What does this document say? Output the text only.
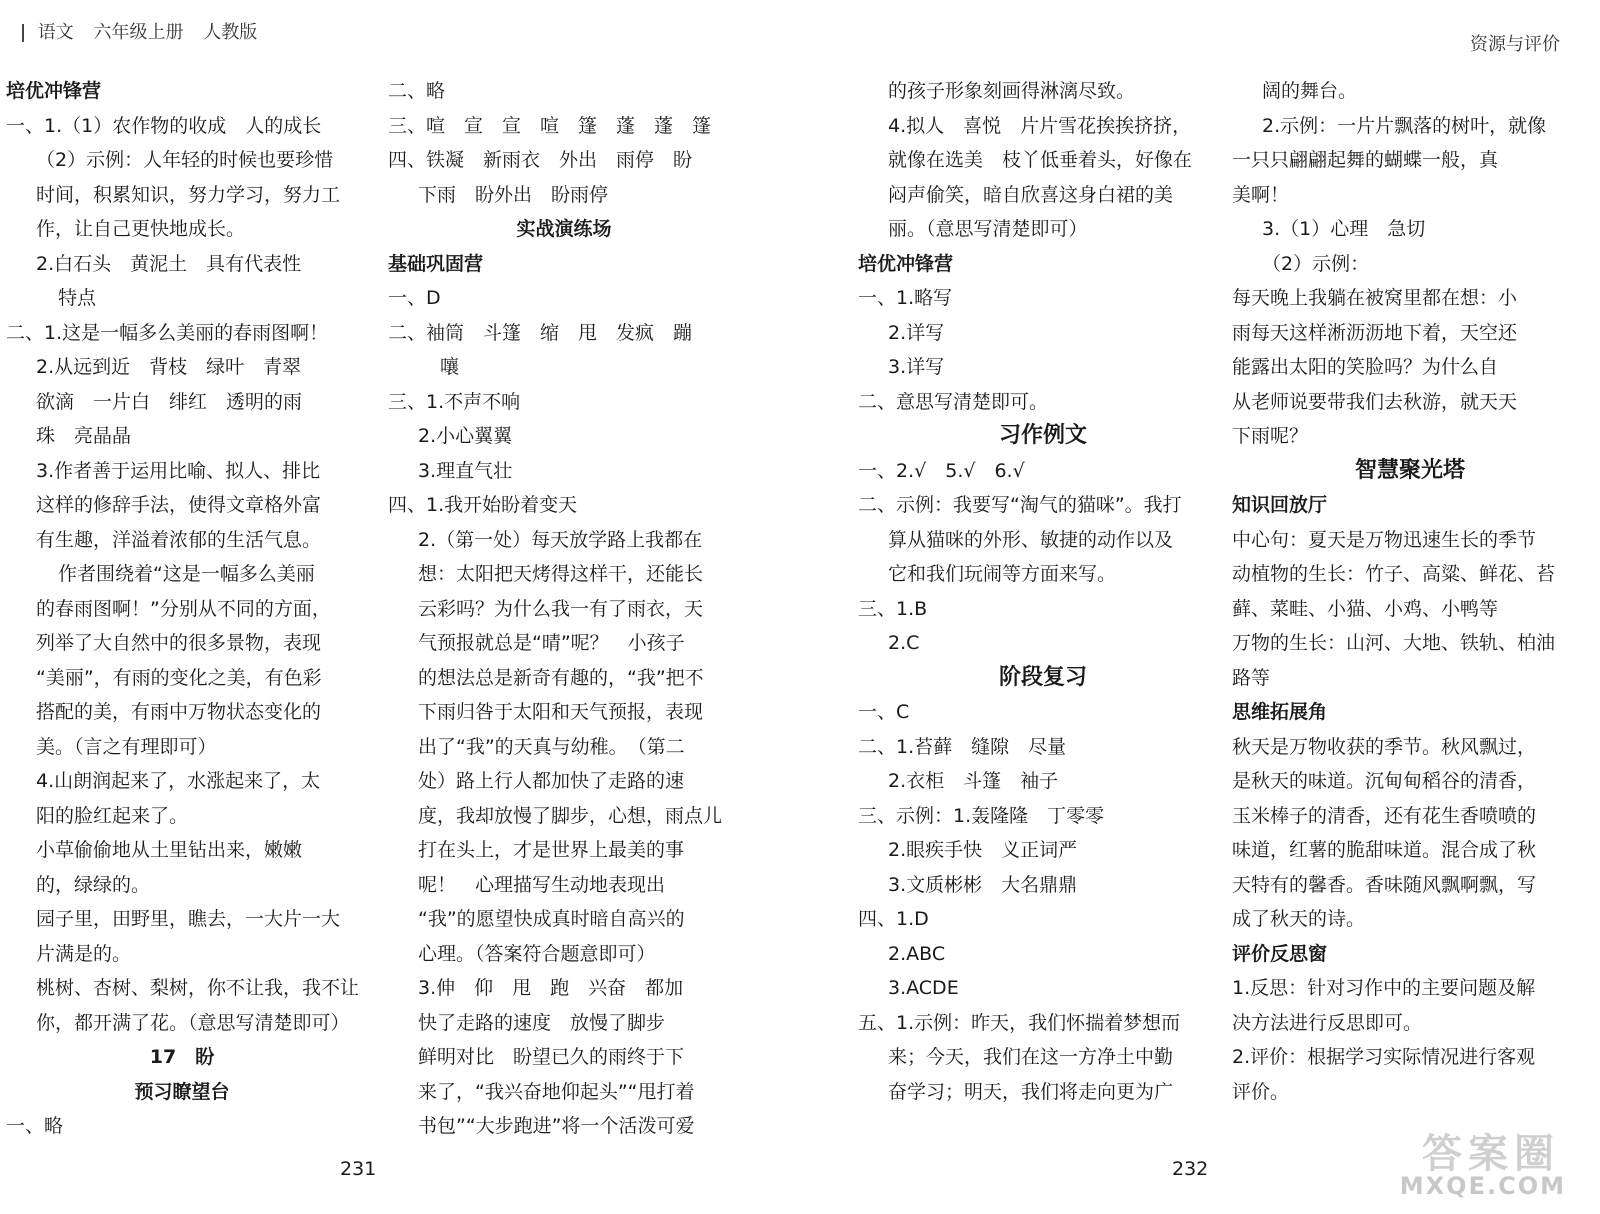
语文 六年级上册 人教版
资源与评价
培优冲锋营
一、1.（1）农作物的收成　人的成长
（2）示例：人年轻的时候也要珍惜
时间，积累知识，努力学习，努力工
作，让自己更快地成长。
2.白石头　黄泥土　具有代表性
特点
二、1.这是一幅多么美丽的春雨图啊！
2.从远到近　背枝　绿叶　青翠
欲滴　一片白　绯红　透明的雨
珠　亮晶晶
3.作者善于运用比喻、拟人、排比
这样的修辞手法，使得文章格外富
有生趣，洋溢着浓郁的生活气息。
作者围绕着“这是一幅多么美丽
的春雨图啊！”分别从不同的方面，
列举了大自然中的很多景物，表现
“美丽”，有雨的变化之美，有色彩
搭配的美，有雨中万物状态变化的
美。（言之有理即可）
4.山朗润起来了，水涨起来了，太
阳的脸红起来了。
小草偷偷地从土里钻出来，嫩嫩
的，绿绿的。
园子里，田野里，瞧去，一大片一大
片满是的。
桃树、杏树、梨树，你不让我，我不让
你，都开满了花。（意思写清楚即可）
17　盼
预习瞭望台
一、略
二、略
三、喧　宣　宣　喧　篷　蓬　蓬　篷
四、铁凝　新雨衣　外出　雨停　盼
下雨　盼外出　盼雨停
实战演练场
基础巩固营
一、D
二、袖筒　斗篷　缩　甩　发疯　蹦
嚷
三、1.不声不响
2.小心翼翼
3.理直气壮
四、1.我开始盼着变天
2.（第一处）每天放学路上我都在
想：太阳把天烤得这样干，还能长
云彩吗？为什么我一有了雨衣，天
气预报就总是“晴”呢？　小孩子
的想法总是新奇有趣的，“我”把不
下雨归咎于太阳和天气预报，表现
出了“我”的天真与幼稚。　（第二
处）路上行人都加快了走路的速
度，我却放慢了脚步，心想，雨点儿
打在头上，才是世界上最美的事
呢！　心理描写生动地表现出
“我”的愿望快成真时暗自高兴的
心理。（答案符合题意即可）
3.伸　仰　甩　跑　兴奋　都加
快了走路的速度　放慢了脚步
鲜明对比　盼望已久的雨终于下
来了，“我兴奋地仰起头”“甩打着
书包”“大步跑进”将一个活泼可爱
的孩子形象刻画得淋漓尽致。
4.拟人　喜悦　片片雪花挨挨挤挤，
就像在选美　枝丫低垂着头，好像在
闷声偷笑，暗自欣喜这身白裙的美
丽。（意思写清楚即可）
培优冲锋营
一、1.略写
2.详写
3.详写
二、意思写清楚即可。
习作例文
一、2.√　5.√　6.√
二、示例：我要写“淘气的猫咪”。我打
算从猫咪的外形、敏捷的动作以及
它和我们玩闹等方面来写。
三、1.B
2.C
阶段复习
一、C
二、1.苔藓　缝隙　尽量
2.衣柜　斗篷　袖子
三、示例：1.轰隆隆　丁零零
2.眼疾手快　义正词严
3.文质彬彬　大名鼎鼎
四、1.D
2.ABC
3.ACDE
五、1.示例：昨天，我们怀揣着梦想而
来；今天，我们在这一方净土中勤
奋学习；明天，我们将走向更为广
阔的舞台。
2.示例：一片片飘落的树叶，就像
一只只翩翩起舞的蝴蝶一般，真
美啊！
3.（1）心理　急切
（2）示例：
每天晚上我躺在被窝里都在想：小
雨每天这样淅沥沥地下着，天空还
能露出太阳的笑脸吗？为什么自
从老师说要带我们去秋游，就天天
下雨呢？
智慧聚光塔
知识回放厅
中心句：夏天是万物迅速生长的季节
动植物的生长：竹子、高粱、鲜花、苔
藓、菜畦、小猫、小鸡、小鸭等
万物的生长：山河、大地、铁轨、柏油
路等
思维拓展角
秋天是万物收获的季节。秋风飘过，
是秋天的味道。沉甸甸稻谷的清香，
玉米棒子的清香，还有花生香喷喷的
味道，红薯的脆甜味道。混合成了秋
天特有的馨香。香味随风飘啊飘，写
成了秋天的诗。
评价反思窗
1.反思：针对习作中的主要问题及解
决方法进行反思即可。
2.评价：根据学习实际情况进行客观
评价。
231	232	答案圈
MXQE.COM
